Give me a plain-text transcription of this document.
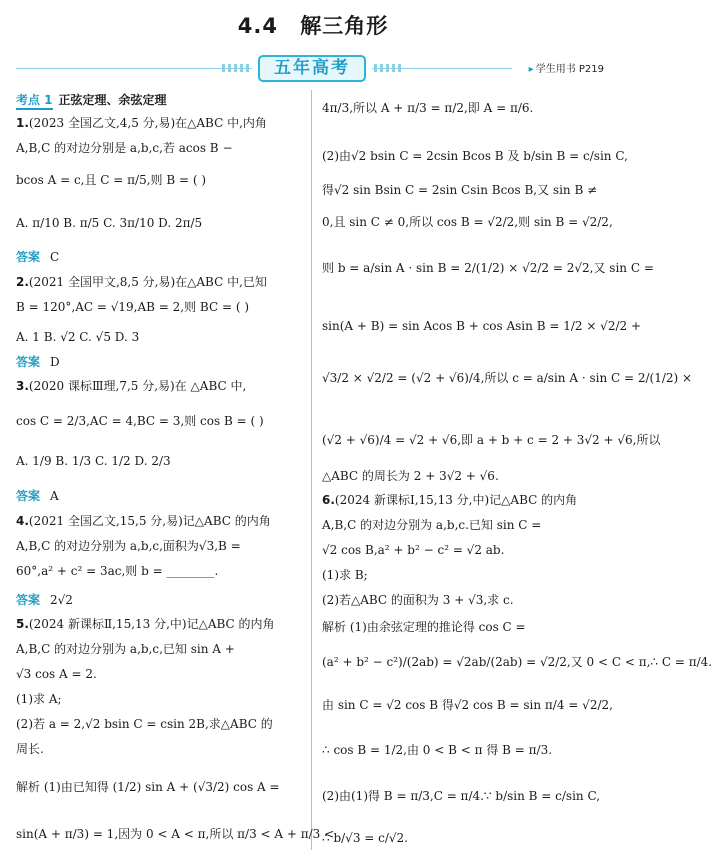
4.4 解三角形
五年高考	▸ 学生用书 P219
考点 1 正弦定理、余弦定理
1.(2023 全国乙文,4,5 分,易)在△ABC 中,内角
A,B,C 的对边分别是 a,b,c,若 acos B −
bcos A = c,且 C = π/5,则 B = ( )
A. π/10 B. π/5 C. 3π/10 D. 2π/5
答案 C
2.(2021 全国甲文,8,5 分,易)在△ABC 中,已知
B = 120°,AC = √19,AB = 2,则 BC = ( )
A. 1 B. √2 C. √5 D. 3
答案 D
3.(2020 课标Ⅲ理,7,5 分,易)在 △ABC 中,
cos C = 2/3,AC = 4,BC = 3,则 cos B = ( )
A. 1/9 B. 1/3 C. 1/2 D. 2/3
答案 A
4.(2021 全国乙文,15,5 分,易)记△ABC 的内角
A,B,C 的对边分别为 a,b,c,面积为√3,B =
60°,a² + c² = 3ac,则 b = ________.
答案 2√2
5.(2024 新课标Ⅱ,15,13 分,中)记△ABC 的内角
A,B,C 的对边分别为 a,b,c,已知 sin A +
√3 cos A = 2.
(1)求 A;
(2)若 a = 2,√2 bsin C = csin 2B,求△ABC 的
周长.
解析 (1)由已知得 (1/2) sin A + (√3/2) cos A =
sin(A + π/3) = 1,因为 0 < A < π,所以 π/3 < A + π/3 <
4π/3,所以 A + π/3 = π/2,即 A = π/6.
(2)由√2 bsin C = 2csin Bcos B 及 b/sin B = c/sin C,
得√2 sin Bsin C = 2sin Csin Bcos B,又 sin B ≠
0,且 sin C ≠ 0,所以 cos B = √2/2,则 sin B = √2/2,
则 b = a/sin A · sin B = 2/(1/2) × √2/2 = 2√2,又 sin C =
sin(A + B) = sin Acos B + cos Asin B = 1/2 × √2/2 +
√3/2 × √2/2 = (√2 + √6)/4,所以 c = a/sin A · sin C = 2/(1/2) ×
(√2 + √6)/4 = √2 + √6,即 a + b + c = 2 + 3√2 + √6,所以
△ABC 的周长为 2 + 3√2 + √6.
6.(2024 新课标Ⅰ,15,13 分,中)记△ABC 的内角
A,B,C 的对边分别为 a,b,c.已知 sin C =
√2 cos B,a² + b² − c² = √2 ab.
(1)求 B;
(2)若△ABC 的面积为 3 + √3,求 c.
解析 (1)由余弦定理的推论得 cos C =
(a² + b² − c²)/(2ab) = √2ab/(2ab) = √2/2,又 0 < C < π,∴ C = π/4.
由 sin C = √2 cos B 得√2 cos B = sin π/4 = √2/2,
∴ cos B = 1/2,由 0 < B < π 得 B = π/3.
(2)由(1)得 B = π/3,C = π/4.∵ b/sin B = c/sin C,
∴ b/√3 = c/√2.
